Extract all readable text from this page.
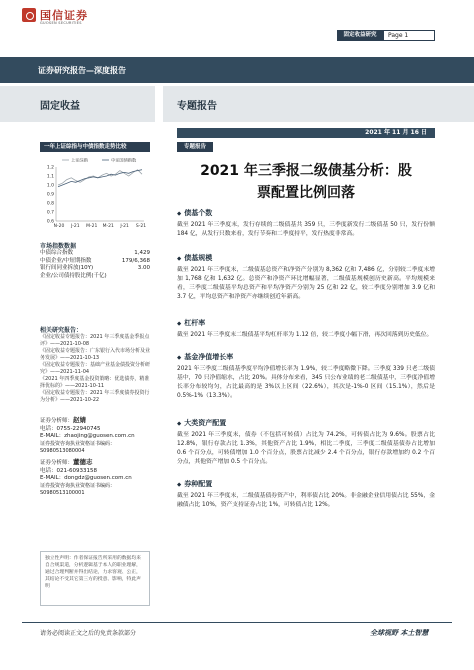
国信证券
GUOSEN SECURITIES
固定收益研究	Page 1
证券研究报告—深度报告
固定收益	专题报告
2021 年 11 月 16 日
一年上证综指与中债指数走势比较
1.2
1.1
1.0
0.9
0.8
0.7
0.6
N-20 J-21 M-21 M-21 J-21 S-21
上证综指	中证国债指数
市场指数数据
中债综合指数	1,429
中债企业/中短期指数	179/6,368
银行间同业拆放(10Y)	3.00
企业/公司债持股比例(千亿)
相关研究报告：
《固定收益专题报告：2021 年三季度基金季报点评》——2021-10-08
《固定收益专题报告：广东银行入代市场分析及业务发展》——2021-10-13
《固定收益专题报告：基础产业基金债投资分析研究》——2021-11-04
《2021 年四季度基金投资策略：优选债券，精准择优标的》——2021-10-11
《固定收益专题报告：2021 年三季度债券投资行为分析》——2021-10-22
证券分析师：赵婧
电话：0755-22940745
E-MAIL：zhaojing@guosen.com.cn
证券投资咨询执业资格证书编码：S0980513080004
证券分析师：董德志
电话：021-60933158
E-MAIL：dongdz@guosen.com.cn
证券投资咨询执业资格证书编码：S0980513100001
独立性声明：作者保证报告所采用的数据均来自合规渠道，分析逻辑基于本人的职业理解，通过合理判断并得出结论，力求客观、公正，其结论不受其它第三方的授意、影响，特此声明
专题报告
2021 年三季报二级债基分析：股
票配置比例回落
◆ 债基个数
截至 2021 年三季度末，发行存续的二级债基共 359 只，三季度新发行二级债基 50 只，发行份额 184 亿，从发行只数来看，发行节奏和二季度持平，发行热度非常高。
◆ 债基规模
截至 2021 年三季度末，二级债基总资产和净资产分别为 8,362 亿和 7,486 亿，分别较二季度末增加 1,768 亿和 1,632 亿。总资产和净资产环比增幅显著，二级债基规模创历史新高。平均规模来看，三季度二级债基平均总资产和平均净资产分别为 25 亿和 22 亿，较二季度分别增加 3.9 亿和 3.7 亿，平均总资产和净资产亦继续创近年新高。
◆ 杠杆率
截至 2021 年三季度末二级债基平均杠杆率为 1.12 倍，较二季度小幅下滑，再次回落到历史低位。
◆ 基金净值增长率
2021 年三季度二级债基季度平均净值增长率为 1.9%，较二季度略微下降。三季度 339 只老二级债基中，70 只净值缩水，占比 20%。具体分布来看，345 只公布业绩的老二级债基中，三季度净值增长率分布较均匀，占比最高的是 3%以上区间（22.6%），其次是-1%-0 区间（15.1%），然后是 0.5%-1%（13.3%）。
◆ 大类资产配置
截至 2021 年三季度末，债券（不包括可转债）占比为 74.2%，可转债占比为 9.6%。股票占比 12.8%，银行存款占比 1.3%，其他资产占比 1.9%，相比二季度，三季度二级债基债券占比增加 0.6 个百分点，可转债增加 1.0 个百分点，股票占比减少 2.4 个百分点，银行存款增加约 0.2 个百分点，其他资产增加 0.5 个百分点。
◆ 券种配置
截至 2021 年三季度末，二级债基债券资产中，利率债占比 20%。非金融企业信用债占比 55%，金融债占比 10%，资产支持证券占比 1%，可转债占比 12%。
请务必阅读正文之后的免责条款部分	全球视野 本土智慧
